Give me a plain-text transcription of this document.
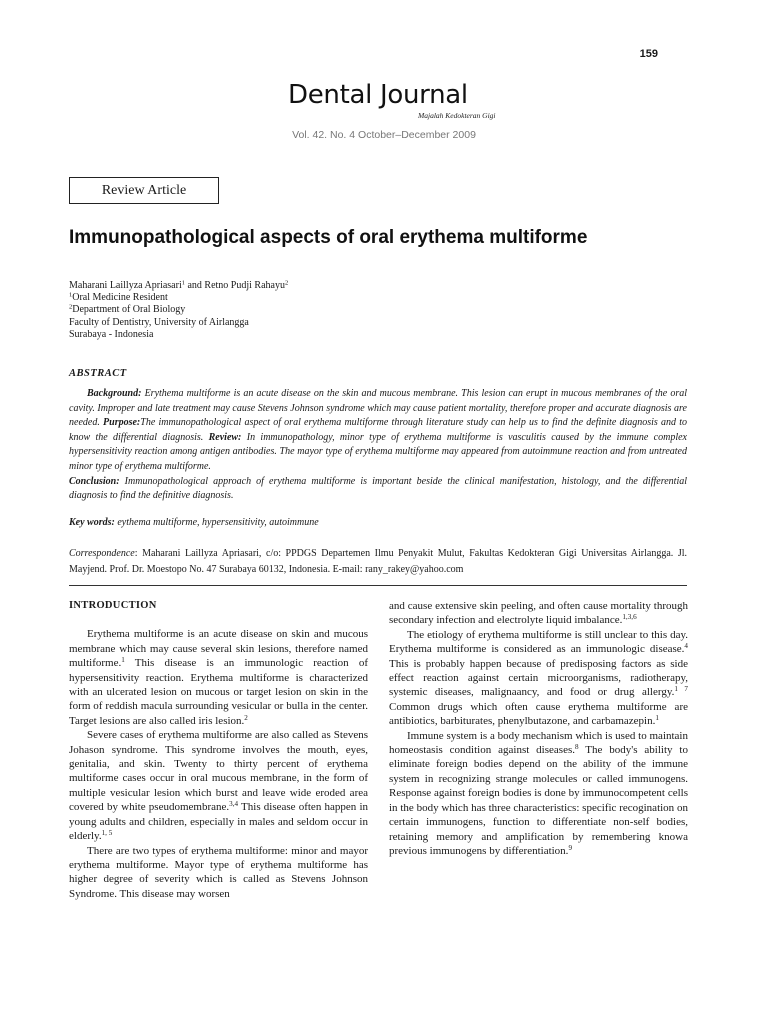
159
Dental Journal
Majalah Kedokteran Gigi
Vol. 42. No. 4 October–December 2009
Review Article
Immunopathological aspects of oral erythema multiforme
Maharani Laillyza Apriasari$^1$ and Retno Pudji Rahayu$^2$
$^1$Oral Medicine Resident
$^2$Department of Oral Biology
Faculty of Dentistry, University of Airlangga
Surabaya - Indonesia
ABSTRACT

Background: Erythema multiforme is an acute disease on the skin and mucous membrane. This lesion can erupt in mucous membranes of the oral cavity. Improper and late treatment may cause Stevens Johnson syndrome which may cause patient mortality, therefore proper and accurate diagnosis are needed. Purpose:The immunopathological aspect of oral erythema multiforme through literature study can help us to find the definite diagnosis and to know the differential diagnosis. Review: In immunopathology, minor type of erythema multiforme is vasculitis caused by the immune complex hypersensitivity reaction among antigen antibodies. The mayor type of erythema multiforme may appeared from autoimmune reaction and from untreated minor type of erythema multiforme.

Conclusion: Immunopathological approach of erythema multiforme is important beside the clinical manifestation, histology, and the differential diagnosis to find the definitive diagnosis.

Key words: eythema multiforme, hypersensitivity, autoimmune
Correspondence: Maharani Laillyza Apriasari, c/o: PPDGS Departemen Ilmu Penyakit Mulut, Fakultas Kedokteran Gigi Universitas Airlangga. Jl. Mayjend. Prof. Dr. Moestopo No. 47 Surabaya 60132, Indonesia. E-mail: rany_rakey@yahoo.com
INTRODUCTION

Erythema multiforme is an acute disease on skin and mucous membrane which may cause several skin lesions, therefore named multiforme.$^1$ This disease is an immunologic reaction of hypersensitivity reaction. Erythema multiforme is characterized with an ulcerated lesion on mucous or target lesion on skin in the form of reddish macula surrounding vesicular or bulla in the center. Target lesions are also called iris lesion.$^2$

Severe cases of erythema multiforme are also called as Stevens Johason syndrome. This syndrome involves the mouth, eyes, genitalia, and skin. Twenty to thirty percent of erythema multiforme cases occur in oral mucous membrane, in the form of multiple vesicular lesion which burst and leave wide eroded area covered by white pseudomembrane.$^{3,4}$ This disease often happen in young adults and children, especially in males and seldom occur in elderly.$^{1, 5}$

There are two types of erythema multiforme: minor and mayor erythema multiforme. Mayor type of erythema multiforme has higher degree of severity which is called as Stevens Johnson Syndrome. This disease may worsen

and cause extensive skin peeling, and often cause mortality through secondary infection and electrolyte liquid imbalance.$^{1,3,6}$

The etiology of erythema multiforme is still unclear to this day. Erythema multiforme is considered as an immunologic disease.$^4$ This is probably happen because of predisposing factors as side effect reaction against certain microorganisms, radiotherapy, systemic diseases, malignaancy, and food or drug allergy.$^{1 7}$ Common drugs which often cause erythema multiforme are antibiotics, barbiturates, phenylbutazone, and carbamazepin.$^1$

Immune system is a body mechanism which is used to maintain homeostasis condition against diseases.$^8$ The body's ability to eliminate foreign bodies depend on the ability of the immune system in recognizing strange molecules or called immunogens. Response against foreign bodies is done by immunocompetent cells in the body which has three characteristics: specific recogination on certain immunogens, function to differentiate non-self bodies, retaining memory and amplification by remembering knowa previous immunogens by differentiation.$^9$
